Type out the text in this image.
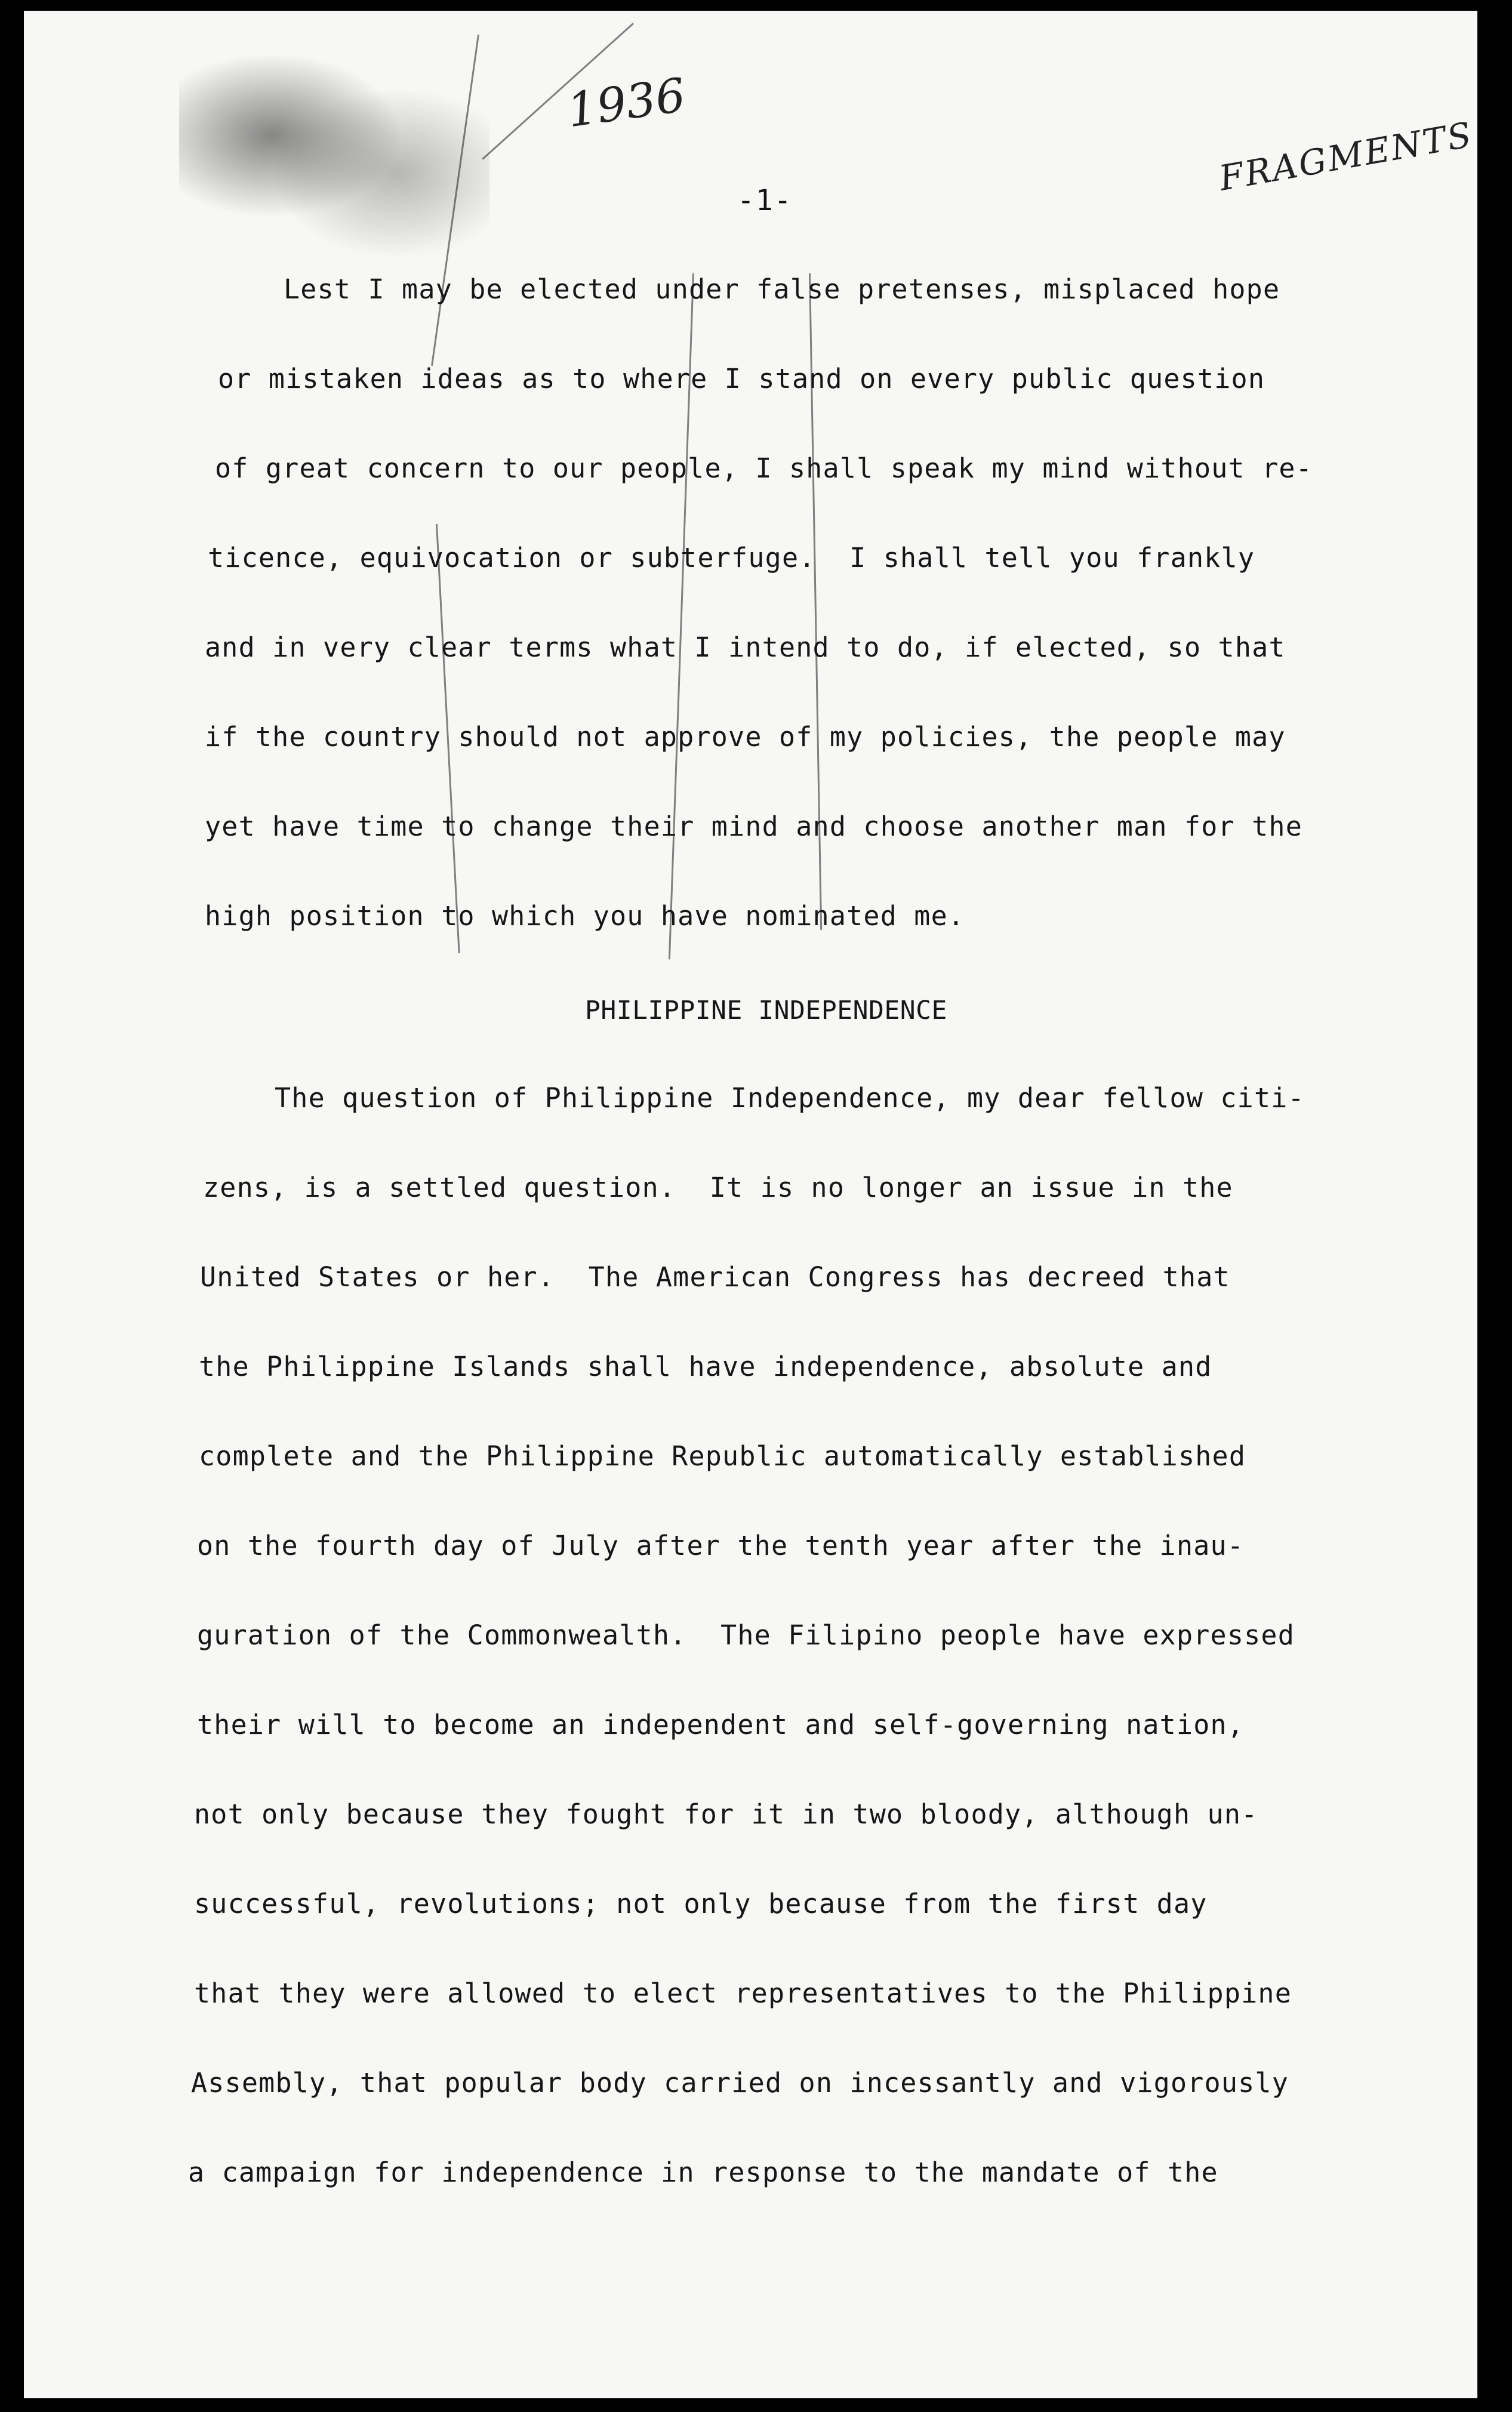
1936
FRAGMENTS
-1-
Lest I may be elected under false pretenses, misplaced hope
or mistaken ideas as to where I stand on every public question
of great concern to our people, I shall speak my mind without re-
ticence, equivocation or subterfuge.  I shall tell you frankly
and in very clear terms what I intend to do, if elected, so that
if the country should not approve of my policies, the people may
yet have time to change their mind and choose another man for the
high position to which you have nominated me.
PHILIPPINE INDEPENDENCE
The question of Philippine Independence, my dear fellow citi-
zens, is a settled question.  It is no longer an issue in the
United States or her.  The American Congress has decreed that
the Philippine Islands shall have independence, absolute and
complete and the Philippine Republic automatically established
on the fourth day of July after the tenth year after the inau-
guration of the Commonwealth.  The Filipino people have expressed
their will to become an independent and self-governing nation,
not only because they fought for it in two bloody, although un-
successful, revolutions; not only because from the first day
that they were allowed to elect representatives to the Philippine
Assembly, that popular body carried on incessantly and vigorously
a campaign for independence in response to the mandate of the
